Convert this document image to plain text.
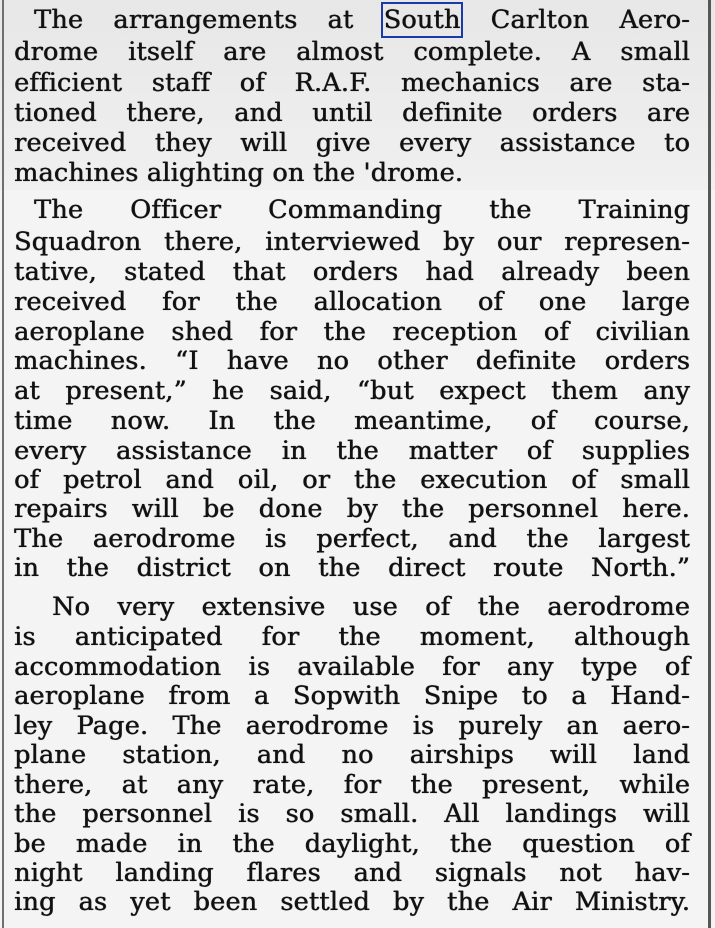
The arrangements at South Carlton Aero-
drome itself are almost complete. A small
efficient staff of R.A.F. mechanics are sta-
tioned there, and until definite orders are
received they will give every assistance to
machines alighting on the 'drome.
The Officer Commanding the Training
Squadron there, interviewed by our represen-
tative, stated that orders had already been
received for the allocation of one large
aeroplane shed for the reception of civilian
machines. “I have no other definite orders
at present,” he said, “but expect them any
time now. In the meantime, of course,
every assistance in the matter of supplies
of petrol and oil, or the execution of small
repairs will be done by the personnel here.
The aerodrome is perfect, and the largest
in the district on the direct route North.”
No very extensive use of the aerodrome
is anticipated for the moment, although
accommodation is available for any type of
aeroplane from a Sopwith Snipe to a Hand-
ley Page. The aerodrome is purely an aero-
plane station, and no airships will land
there, at any rate, for the present, while
the personnel is so small. All landings will
be made in the daylight, the question of
night landing flares and signals not hav-
ing as yet been settled by the Air Ministry.
